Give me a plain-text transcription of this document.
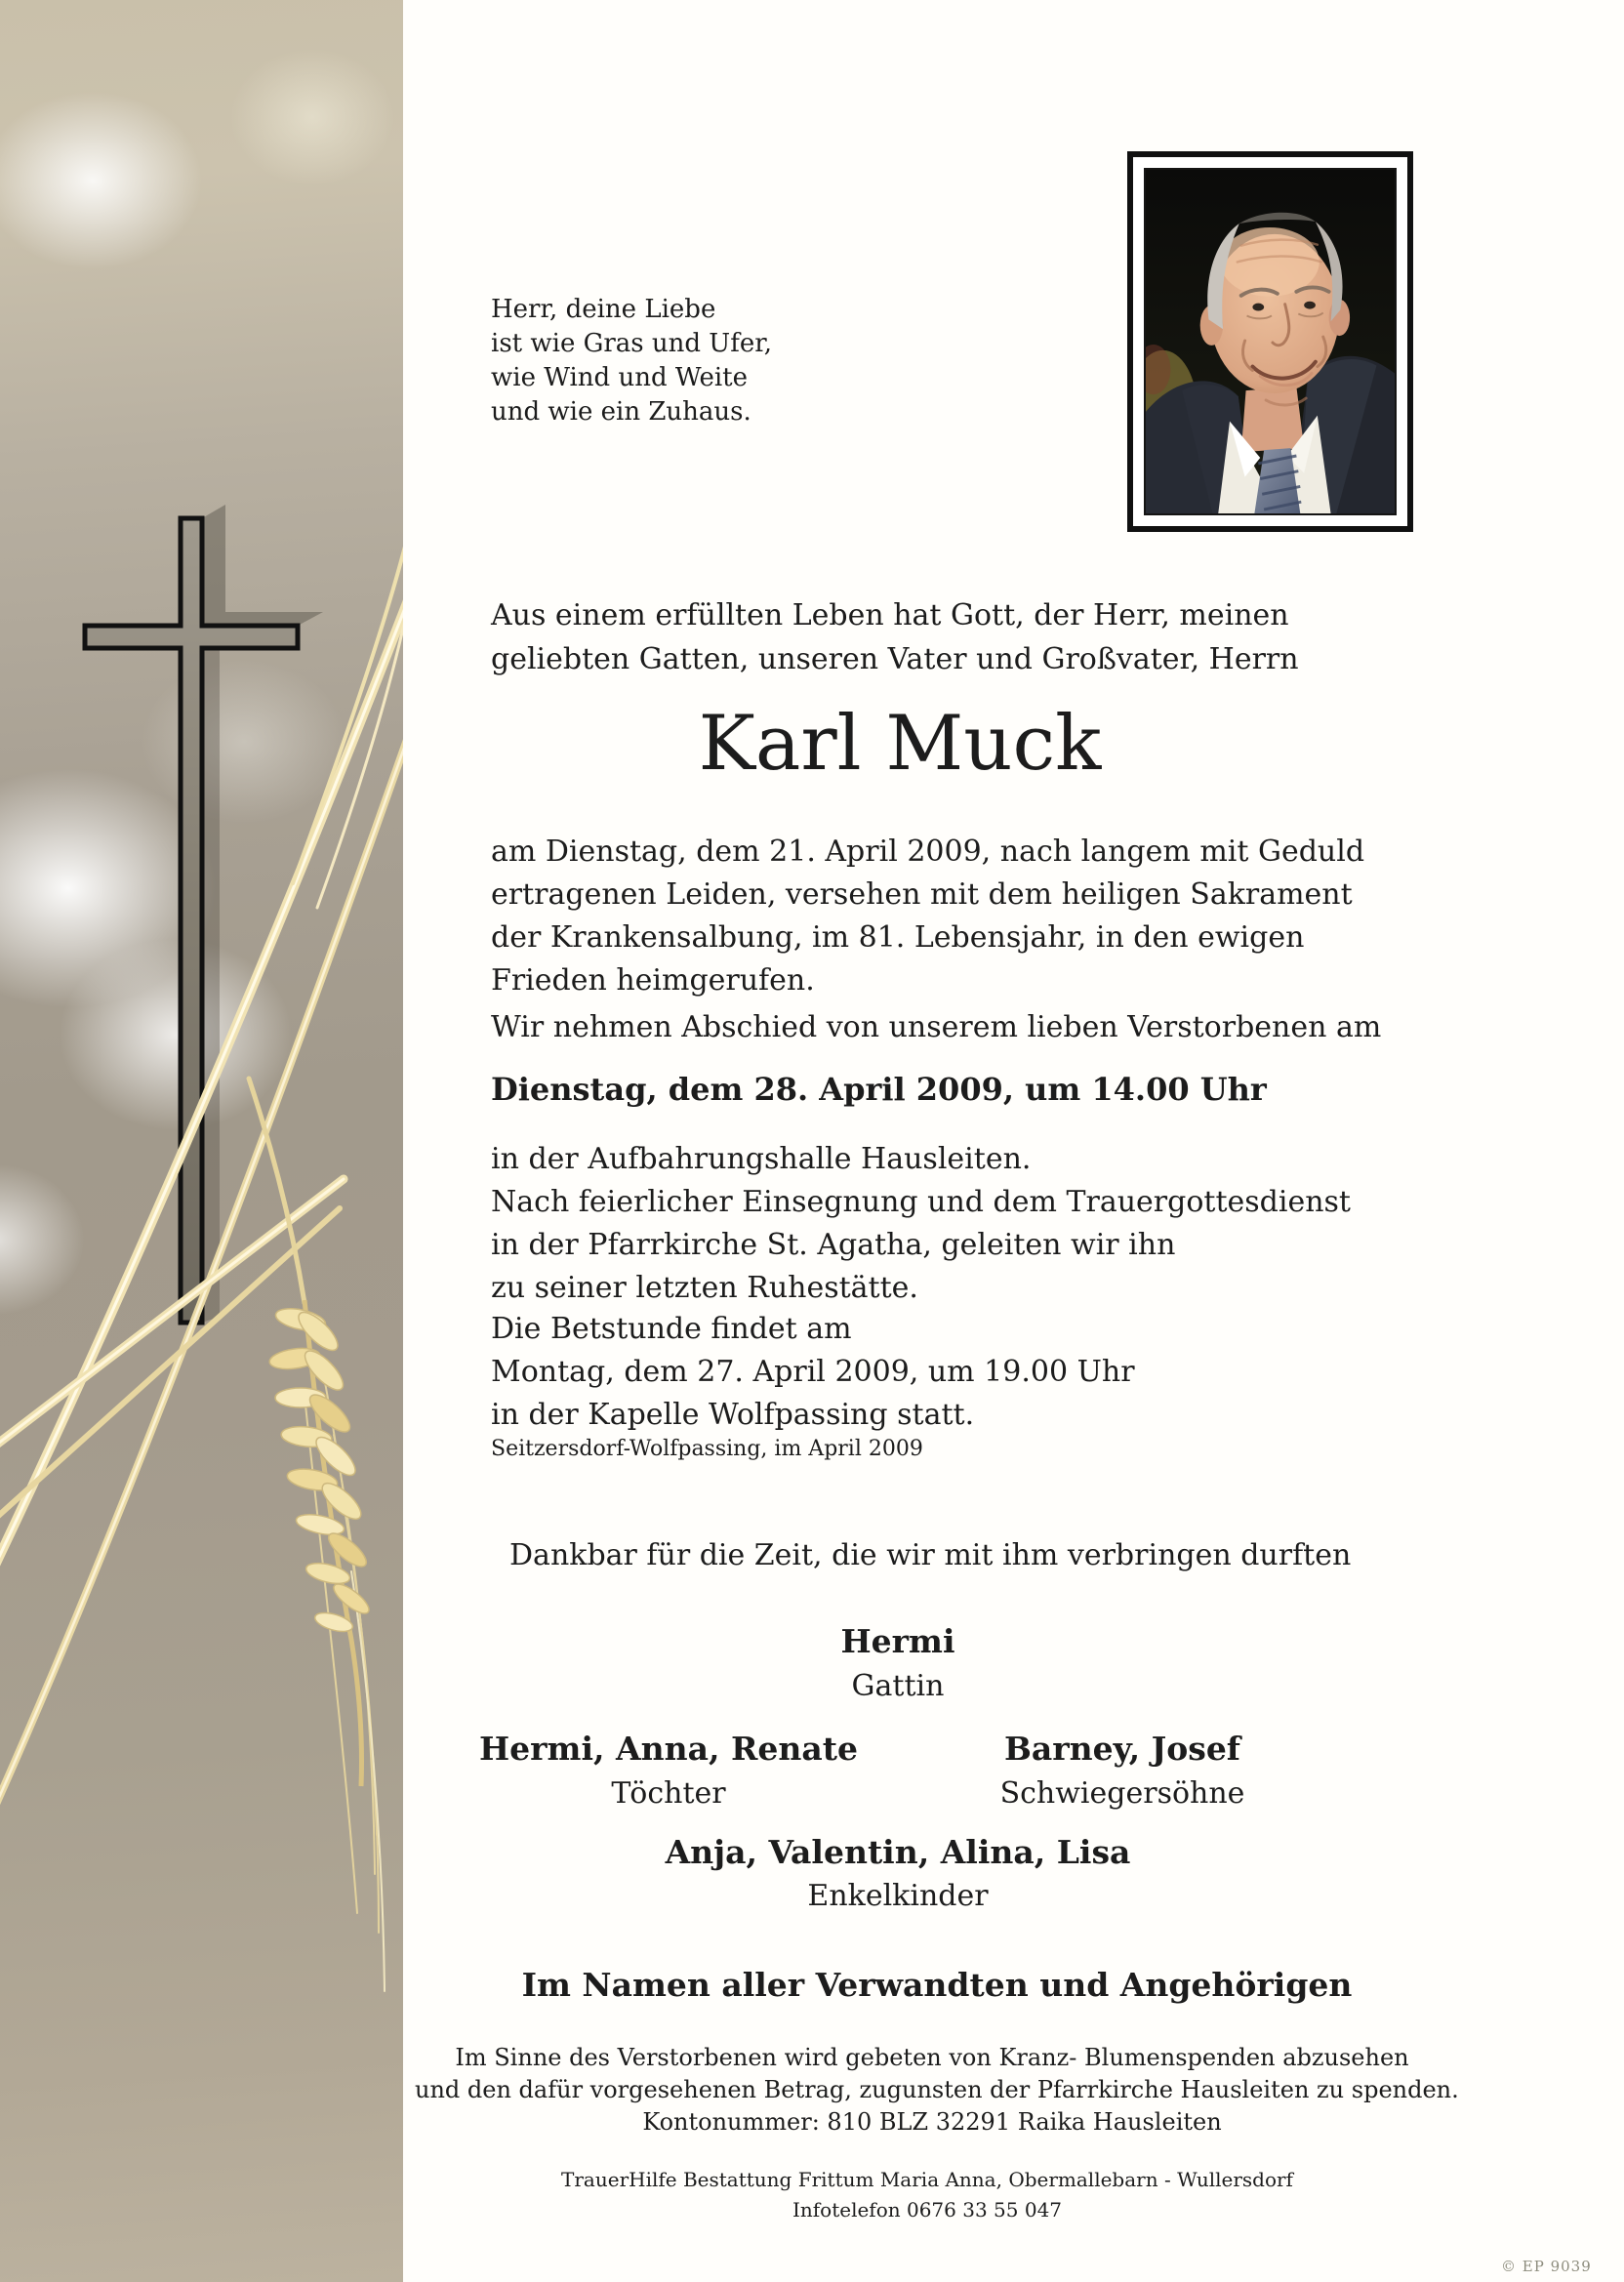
Herr, deine Liebe
ist wie Gras und Ufer,
wie Wind und Weite
und wie ein Zuhaus.
Aus einem erfüllten Leben hat Gott, der Herr, meinen
geliebten Gatten, unseren Vater und Großvater, Herrn
Karl Muck
am Dienstag, dem 21. April 2009, nach langem mit Geduld
ertragenen Leiden, versehen mit dem heiligen Sakrament
der Krankensalbung, im 81. Lebensjahr, in den ewigen
Frieden heimgerufen.
Wir nehmen Abschied von unserem lieben Verstorbenen am
Dienstag, dem 28. April 2009, um 14.00 Uhr
in der Aufbahrungshalle Hausleiten.
Nach feierlicher Einsegnung und dem Trauergottesdienst
in der Pfarrkirche St. Agatha, geleiten wir ihn
zu seiner letzten Ruhestätte.
Die Betstunde findet am
Montag, dem 27. April 2009, um 19.00 Uhr
in der Kapelle Wolfpassing statt.
Seitzersdorf-Wolfpassing, im April 2009
Dankbar für die Zeit, die wir mit ihm verbringen durften
Hermi
Gattin
Hermi, Anna, Renate
Töchter
Barney, Josef
Schwiegersöhne
Anja, Valentin, Alina, Lisa
Enkelkinder
Im Namen aller Verwandten und Angehörigen
Im Sinne des Verstorbenen wird gebeten von Kranz- Blumenspenden abzusehen
und den dafür vorgesehenen Betrag, zugunsten der Pfarrkirche Hausleiten zu spenden.
Kontonummer: 810 BLZ 32291 Raika Hausleiten
TrauerHilfe Bestattung Frittum Maria Anna, Obermallebarn - Wullersdorf
Infotelefon 0676 33 55 047
© EP 9039
